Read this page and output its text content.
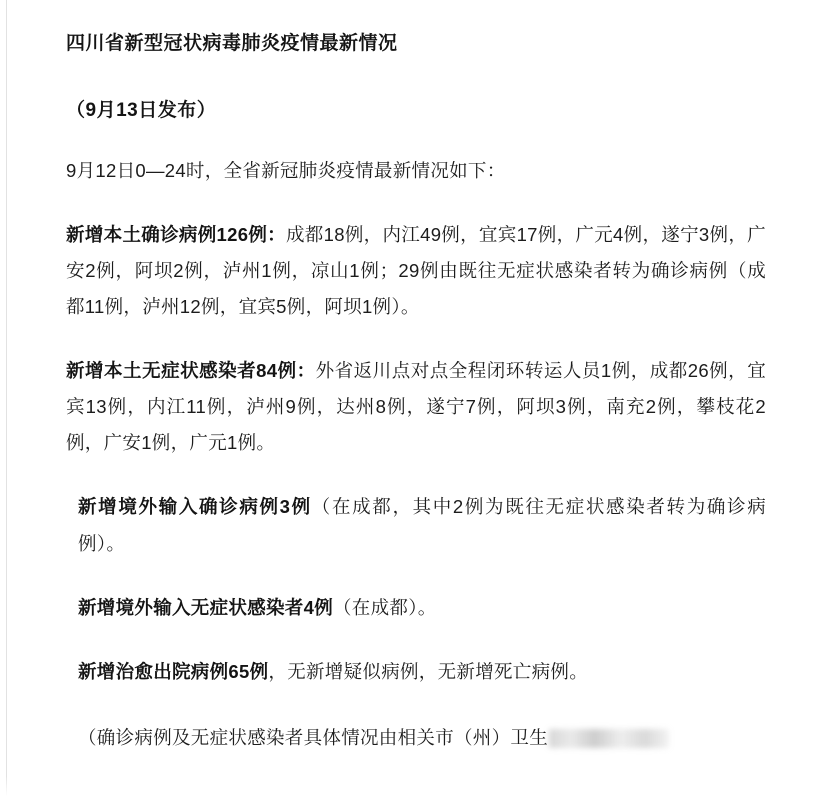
四川省新型冠状病毒肺炎疫情最新情况
（9月13日发布）

9月12日0—24时，全省新冠肺炎疫情最新情况如下：

新增本土确诊病例126例：成都18例，内江49例，宜宾17例，广元4例，遂宁3例，广安2例，阿坝2例，泸州1例，凉山1例；29例由既往无症状感染者转为确诊病例（成都11例，泸州12例，宜宾5例，阿坝1例）。

新增本土无症状感染者84例：外省返川点对点全程闭环转运人员1例，成都26例，宜宾13例，内江11例，泸州9例，达州8例，遂宁7例，阿坝3例，南充2例，攀枝花2例，广安1例，广元1例。

新增境外输入确诊病例3例（在成都，其中2例为既往无症状感染者转为确诊病例）。

新增境外输入无症状感染者4例（在成都）。

新增治愈出院病例65例，无新增疑似病例，无新增死亡病例。

（确诊病例及无症状感染者具体情况由相关市（州）卫生
